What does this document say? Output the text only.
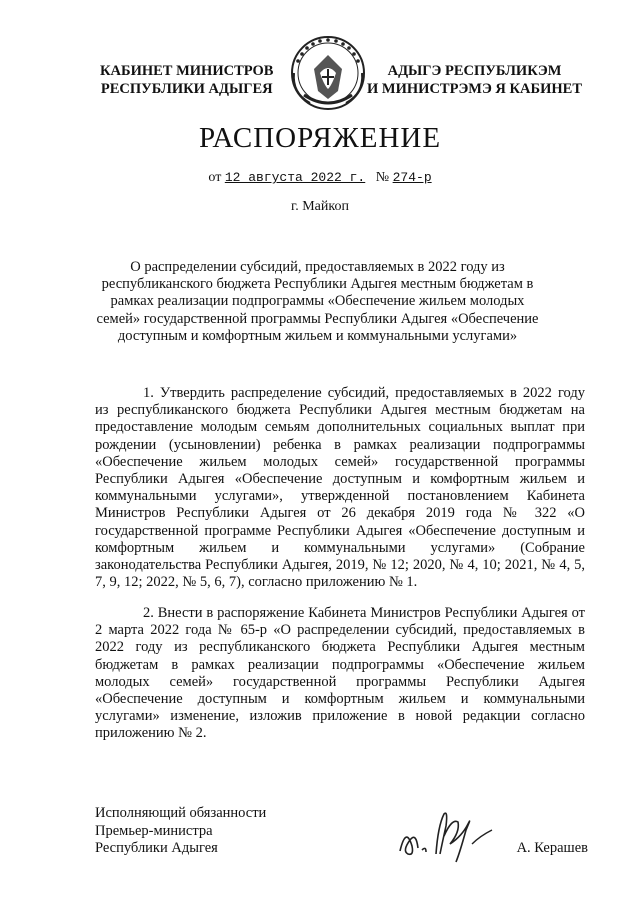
КАБИНЕТ МИНИСТРОВ
РЕСПУБЛИКИ АДЫГЕЯ
АДЫГЭ РЕСПУБЛИКЭМ
И МИНИСТРЭМЭ Я КАБИНЕТ
РАСПОРЯЖЕНИЕ
от 12 августа 2022 г. № 274-р
г. Майкоп
О распределении субсидий, предоставляемых в 2022 году из республиканского бюджета Республики Адыгея местным бюджетам в рамках реализации подпрограммы «Обеспечение жильем молодых семей» государственной программы Республики Адыгея «Обеспечение доступным и комфортным жильем и коммунальными услугами»
1. Утвердить распределение субсидий, предоставляемых в 2022 году из республиканского бюджета Республики Адыгея местным бюджетам на предоставление молодым семьям дополнительных социальных выплат при рождении (усыновлении) ребенка в рамках реализации подпрограммы «Обеспечение жильем молодых семей» государственной программы Республики Адыгея «Обеспечение доступным и комфортным жильем и коммунальными услугами», утвержденной постановлением Кабинета Министров Республики Адыгея от 26 декабря 2019 года № 322 «О государственной программе Республики Адыгея «Обеспечение доступным и комфортным жильем и коммунальными услугами» (Собрание законодательства Республики Адыгея, 2019, № 12; 2020, № 4, 10; 2021, № 4, 5, 7, 9, 12; 2022, № 5, 6, 7), согласно приложению № 1.
2. Внести в распоряжение Кабинета Министров Республики Адыгея от 2 марта 2022 года № 65-р «О распределении субсидий, предоставляемых в 2022 году из республиканского бюджета Республики Адыгея местным бюджетам в рамках реализации подпрограммы «Обеспечение жильем молодых семей» государственной программы Республики Адыгея «Обеспечение доступным и комфортным жильем и коммунальными услугами» изменение, изложив приложение в новой редакции согласно приложению № 2.
Исполняющий обязанности
Премьер-министра
Республики Адыгея	А. Керашев
